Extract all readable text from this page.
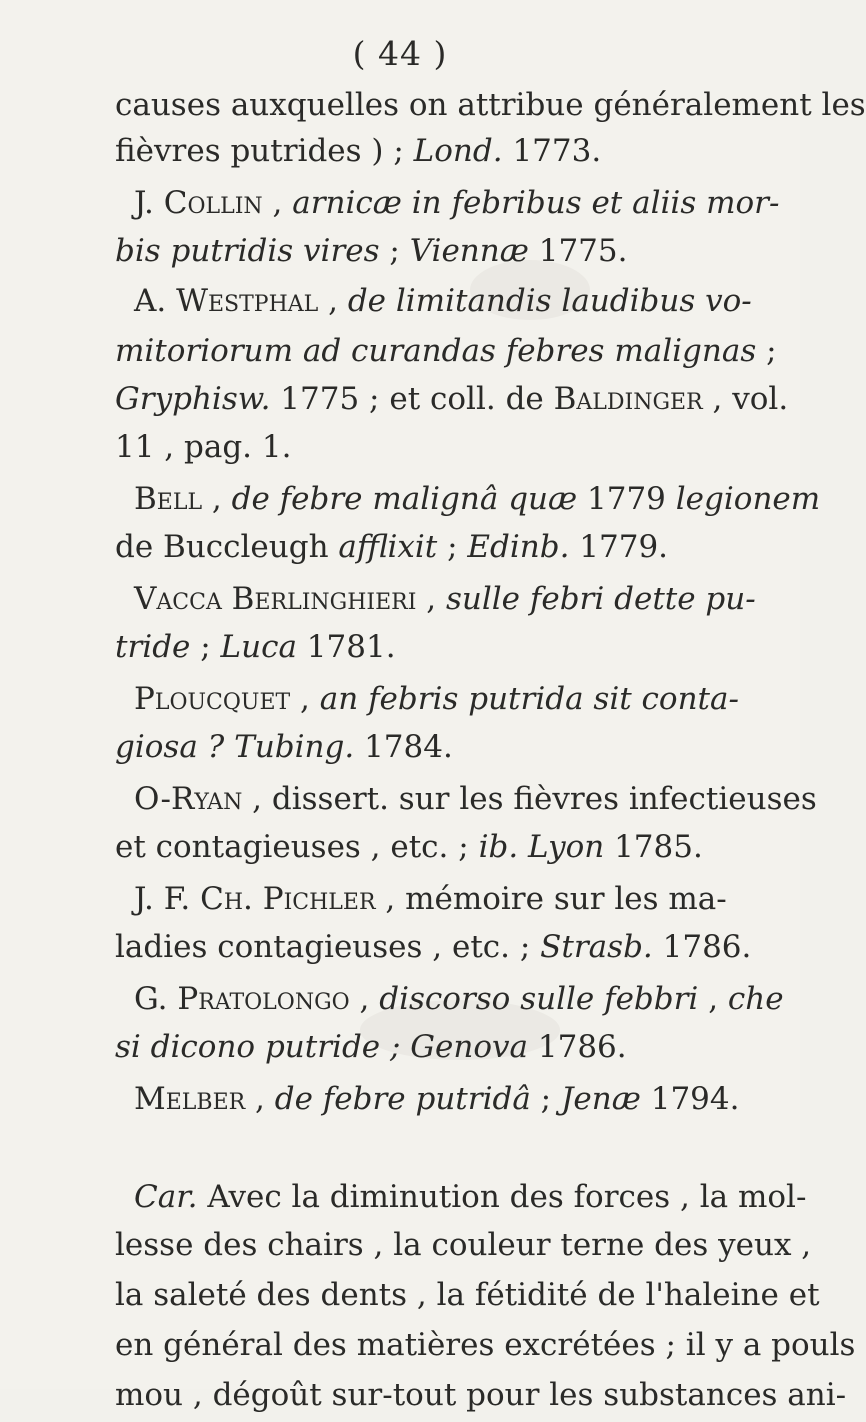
( 44 )
causes auxquelles on attribue généralement les
fièvres putrides ) ; Lond. 1773.
J. Collin , arnicæ in febribus et aliis mor-
bis putridis vires ; Viennæ 1775.
A. Westphal , de limitandis laudibus vo-
mitoriorum ad curandas febres malignas ;
Gryphisw. 1775 ; et coll. de Baldinger , vol.
11 , pag. 1.
Bell , de febre malignâ quæ 1779 legionem
de Buccleugh afflixit ; Edinb. 1779.
Vacca Berlinghieri , sulle febri dette pu-
tride ; Luca 1781.
Ploucquet , an febris putrida sit conta-
giosa ? Tubing. 1784.
O-Ryan , dissert. sur les fièvres infectieuses
et contagieuses , etc. ; ib. Lyon 1785.
J. F. Ch. Pichler , mémoire sur les ma-
ladies contagieuses , etc. ; Strasb. 1786.
G. Pratolongo , discorso sulle febbri , che
si dicono putride ; Genova 1786.
Melber , de febre putridâ ; Jenæ 1794.
Car. Avec la diminution des forces , la mol-
lesse des chairs , la couleur terne des yeux ,
la saleté des dents , la fétidité de l'haleine et
en général des matières excrétées ; il y a pouls
mou , dégoût sur-tout pour les substances ani-
